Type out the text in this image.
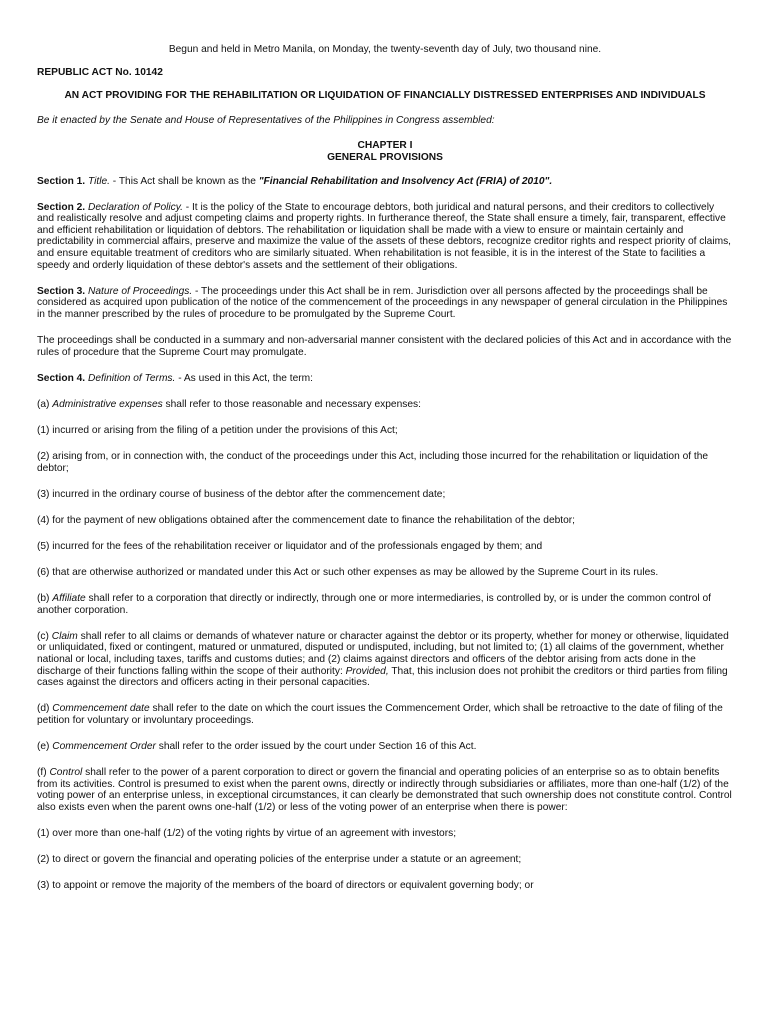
Begun and held in Metro Manila, on Monday, the twenty-seventh day of July, two thousand nine.

REPUBLIC ACT No. 10142

AN ACT PROVIDING FOR THE REHABILITATION OR LIQUIDATION OF FINANCIALLY DISTRESSED ENTERPRISES AND INDIVIDUALS

Be it enacted by the Senate and House of Representatives of the Philippines in Congress assembled:

CHAPTER I

GENERAL PROVISIONS

Section 1. Title. - This Act shall be known as the "Financial Rehabilitation and Insolvency Act (FRIA) of 2010".

Section 2. Declaration of Policy. - It is the policy of the State to encourage debtors, both juridical and natural persons, and their creditors to collectively and realistically resolve and adjust competing claims and property rights. In furtherance thereof, the State shall ensure a timely, fair, transparent, effective and efficient rehabilitation or liquidation of debtors. The rehabilitation or liquidation shall be made with a view to ensure or maintain certainly and predictability in commercial affairs, preserve and maximize the value of the assets of these debtors, recognize creditor rights and respect priority of claims, and ensure equitable treatment of creditors who are similarly situated. When rehabilitation is not feasible, it is in the interest of the State to facilities a speedy and orderly liquidation of these debtor's assets and the settlement of their obligations.

Section 3. Nature of Proceedings. - The proceedings under this Act shall be in rem. Jurisdiction over all persons affected by the proceedings shall be considered as acquired upon publication of the notice of the commencement of the proceedings in any newspaper of general circulation in the Philippines in the manner prescribed by the rules of procedure to be promulgated by the Supreme Court.

The proceedings shall be conducted in a summary and non-adversarial manner consistent with the declared policies of this Act and in accordance with the rules of procedure that the Supreme Court may promulgate.

Section 4. Definition of Terms. - As used in this Act, the term:

(a) Administrative expenses shall refer to those reasonable and necessary expenses:

(1) incurred or arising from the filing of a petition under the provisions of this Act;

(2) arising from, or in connection with, the conduct of the proceedings under this Act, including those incurred for the rehabilitation or liquidation of the debtor;

(3) incurred in the ordinary course of business of the debtor after the commencement date;

(4) for the payment of new obligations obtained after the commencement date to finance the rehabilitation of the debtor;

(5) incurred for the fees of the rehabilitation receiver or liquidator and of the professionals engaged by them; and

(6) that are otherwise authorized or mandated under this Act or such other expenses as may be allowed by the Supreme Court in its rules.

(b) Affiliate shall refer to a corporation that directly or indirectly, through one or more intermediaries, is controlled by, or is under the common control of another corporation.

(c) Claim shall refer to all claims or demands of whatever nature or character against the debtor or its property, whether for money or otherwise, liquidated or unliquidated, fixed or contingent, matured or unmatured, disputed or undisputed, including, but not limited to; (1) all claims of the government, whether national or local, including taxes, tariffs and customs duties; and (2) claims against directors and officers of the debtor arising from acts done in the discharge of their functions falling within the scope of their authority: Provided, That, this inclusion does not prohibit the creditors or third parties from filing cases against the directors and officers acting in their personal capacities.

(d) Commencement date shall refer to the date on which the court issues the Commencement Order, which shall be retroactive to the date of filing of the petition for voluntary or involuntary proceedings.

(e) Commencement Order shall refer to the order issued by the court under Section 16 of this Act.

(f) Control shall refer to the power of a parent corporation to direct or govern the financial and operating policies of an enterprise so as to obtain benefits from its activities. Control is presumed to exist when the parent owns, directly or indirectly through subsidiaries or affiliates, more than one-half (1/2) of the voting power of an enterprise unless, in exceptional circumstances, it can clearly be demonstrated that such ownership does not constitute control. Control also exists even when the parent owns one-half (1/2) or less of the voting power of an enterprise when there is power:

(1) over more than one-half (1/2) of the voting rights by virtue of an agreement with investors;

(2) to direct or govern the financial and operating policies of the enterprise under a statute or an agreement;

(3) to appoint or remove the majority of the members of the board of directors or equivalent governing body; or
